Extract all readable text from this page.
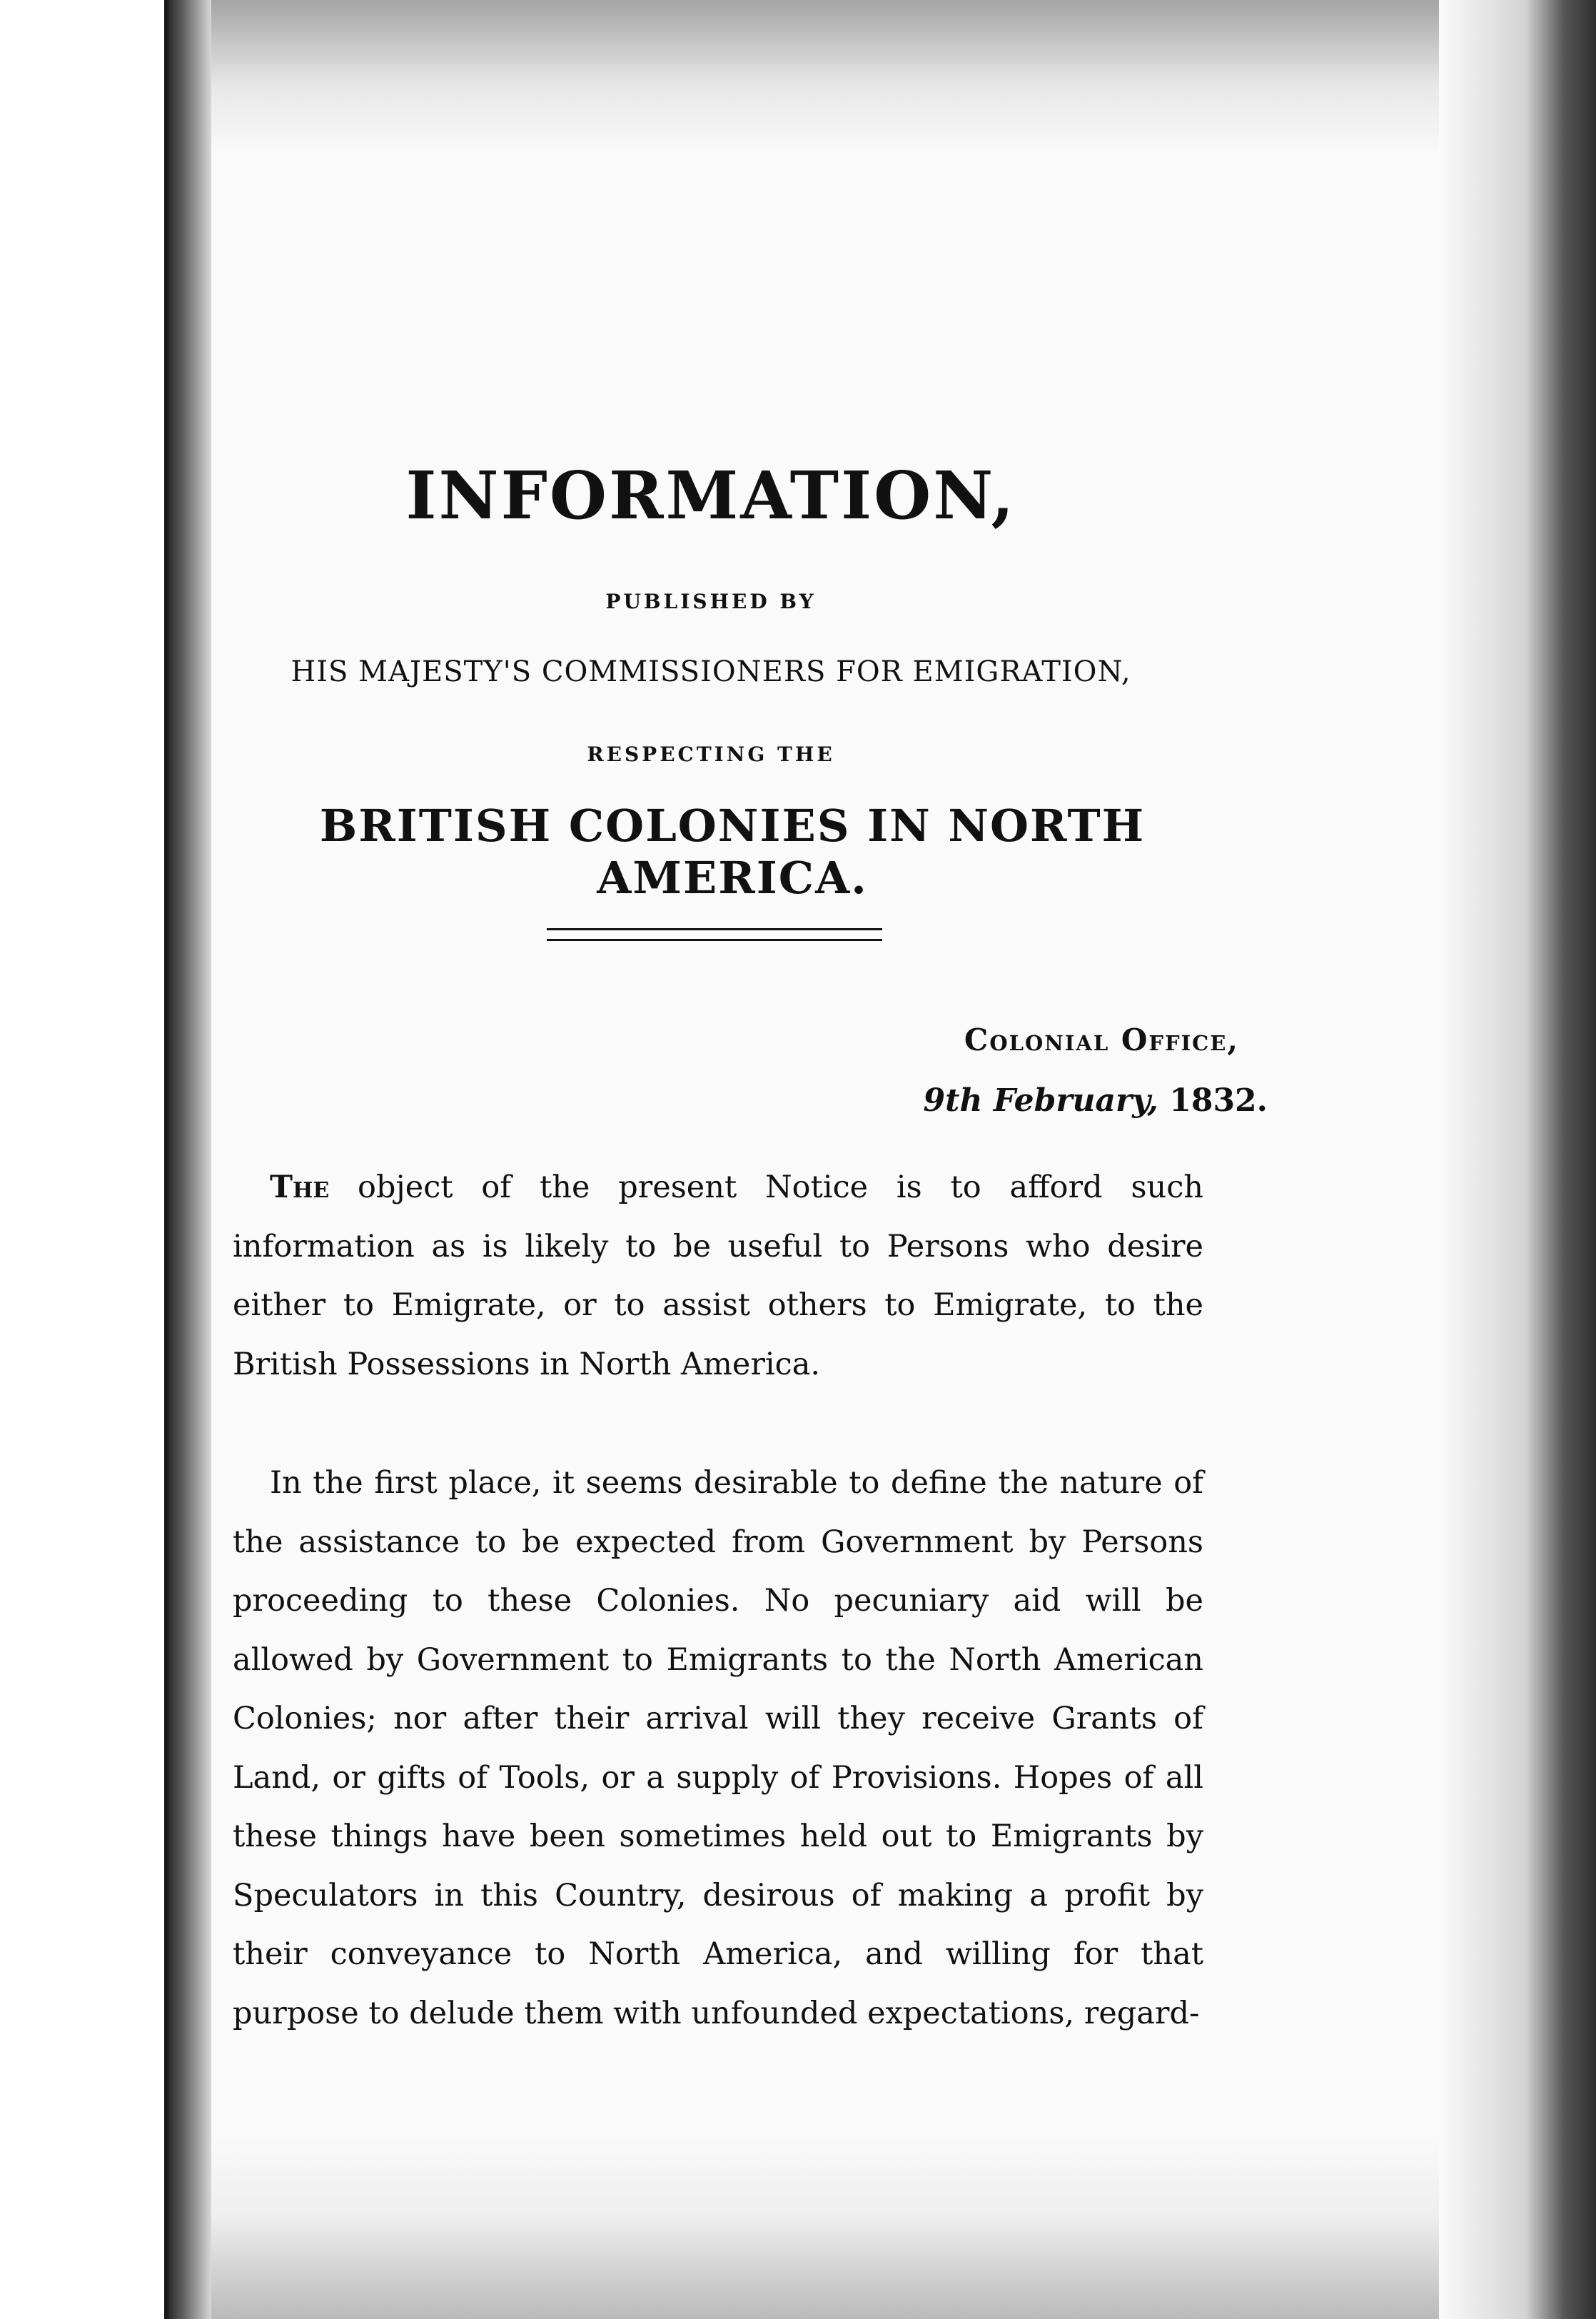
INFORMATION,

PUBLISHED BY

HIS MAJESTY'S COMMISSIONERS FOR EMIGRATION,

RESPECTING THE

BRITISH COLONIES IN NORTH AMERICA.

Colonial Office,

9th February, 1832.

The object of the present Notice is to afford such information as is likely to be useful to Persons who desire either to Emigrate, or to assist others to Emigrate, to the British Possessions in North America.

In the first place, it seems desirable to define the nature of the assistance to be expected from Government by Persons proceeding to these Colonies. No pecuniary aid will be allowed by Government to Emigrants to the North American Colonies; nor after their arrival will they receive Grants of Land, or gifts of Tools, or a supply of Provisions. Hopes of all these things have been sometimes held out to Emigrants by Speculators in this Country, desirous of making a profit by their conveyance to North America, and willing for that purpose to delude them with unfounded expectations, regard-
